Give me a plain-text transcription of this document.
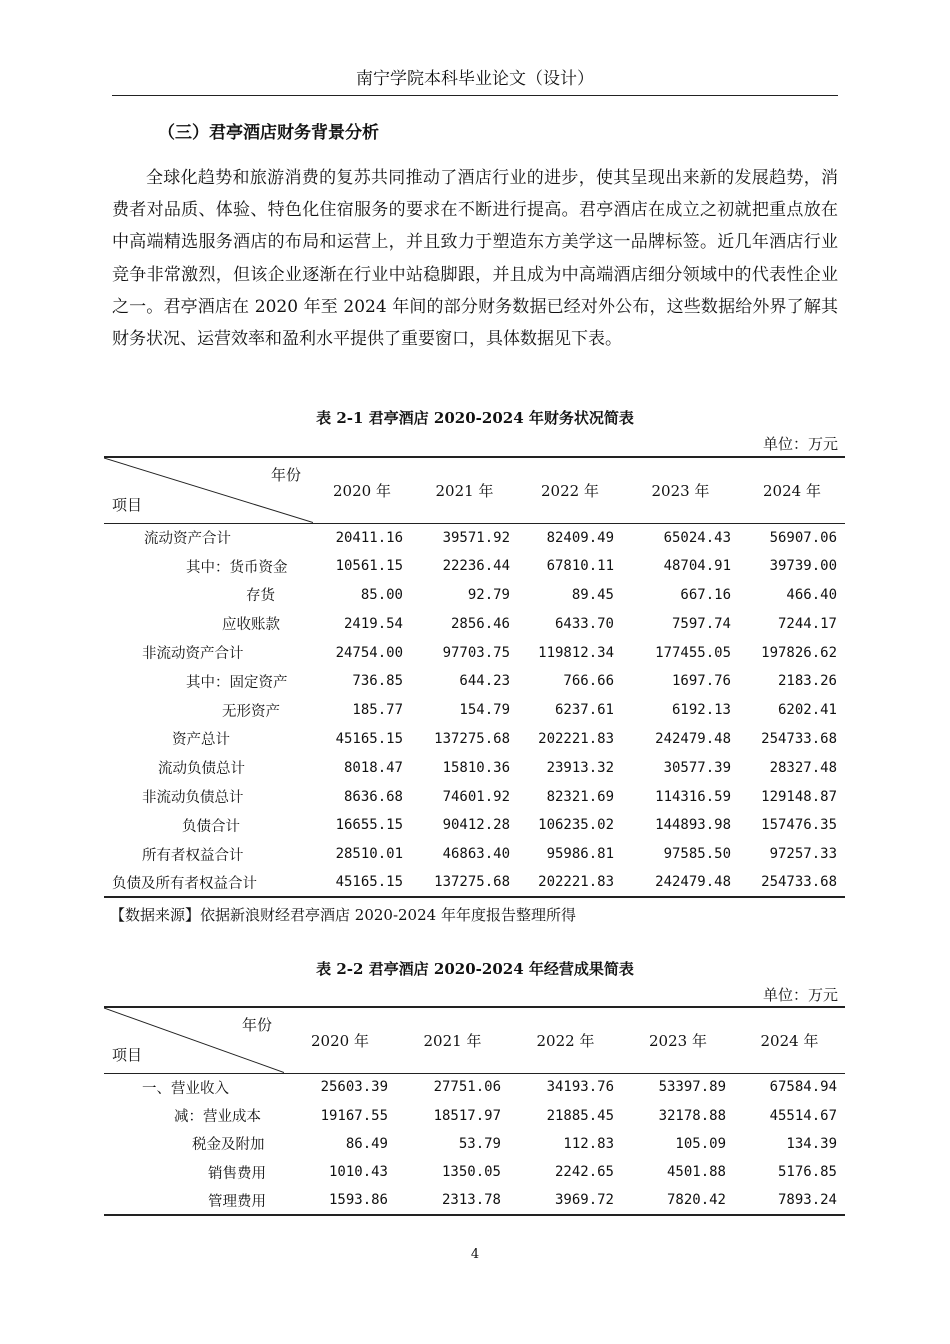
南宁学院本科毕业论文（设计）
（三）君亭酒店财务背景分析
全球化趋势和旅游消费的复苏共同推动了酒店行业的进步，使其呈现出来新的发展趋势，消费者对品质、体验、特色化住宿服务的要求在不断进行提高。君亭酒店在成立之初就把重点放在中高端精选服务酒店的布局和运营上，并且致力于塑造东方美学这一品牌标签。近几年酒店行业竞争非常激烈，但该企业逐渐在行业中站稳脚跟，并且成为中高端酒店细分领域中的代表性企业之一。君亭酒店在 2020 年至 2024 年间的部分财务数据已经对外公布，这些数据给外界了解其财务状况、运营效率和盈利水平提供了重要窗口，具体数据见下表。
表 2-1 君亭酒店 2020-2024 年财务状况简表
单位：万元
年份
项目	2020 年	2021 年	2022 年	2023 年	2024 年
流动资产合计	20411.16	39571.92	82409.49	65024.43	56907.06
其中：货币资金	10561.15	22236.44	67810.11	48704.91	39739.00
存货	85.00	92.79	89.45	667.16	466.40
应收账款	2419.54	2856.46	6433.70	7597.74	7244.17
非流动资产合计	24754.00	97703.75	119812.34	177455.05	197826.62
其中：固定资产	736.85	644.23	766.66	1697.76	2183.26
无形资产	185.77	154.79	6237.61	6192.13	6202.41
资产总计	45165.15	137275.68	202221.83	242479.48	254733.68
流动负债总计	8018.47	15810.36	23913.32	30577.39	28327.48
非流动负债总计	8636.68	74601.92	82321.69	114316.59	129148.87
负债合计	16655.15	90412.28	106235.02	144893.98	157476.35
所有者权益合计	28510.01	46863.40	95986.81	97585.50	97257.33
负债及所有者权益合计	45165.15	137275.68	202221.83	242479.48	254733.68
【数据来源】依据新浪财经君亭酒店 2020-2024 年年度报告整理所得
表 2-2 君亭酒店 2020-2024 年经营成果简表
单位：万元
年份
项目	2020 年	2021 年	2022 年	2023 年	2024 年
一、营业收入	25603.39	27751.06	34193.76	53397.89	67584.94
减：营业成本	19167.55	18517.97	21885.45	32178.88	45514.67
税金及附加	86.49	53.79	112.83	105.09	134.39
销售费用	1010.43	1350.05	2242.65	4501.88	5176.85
管理费用	1593.86	2313.78	3969.72	7820.42	7893.24
4
